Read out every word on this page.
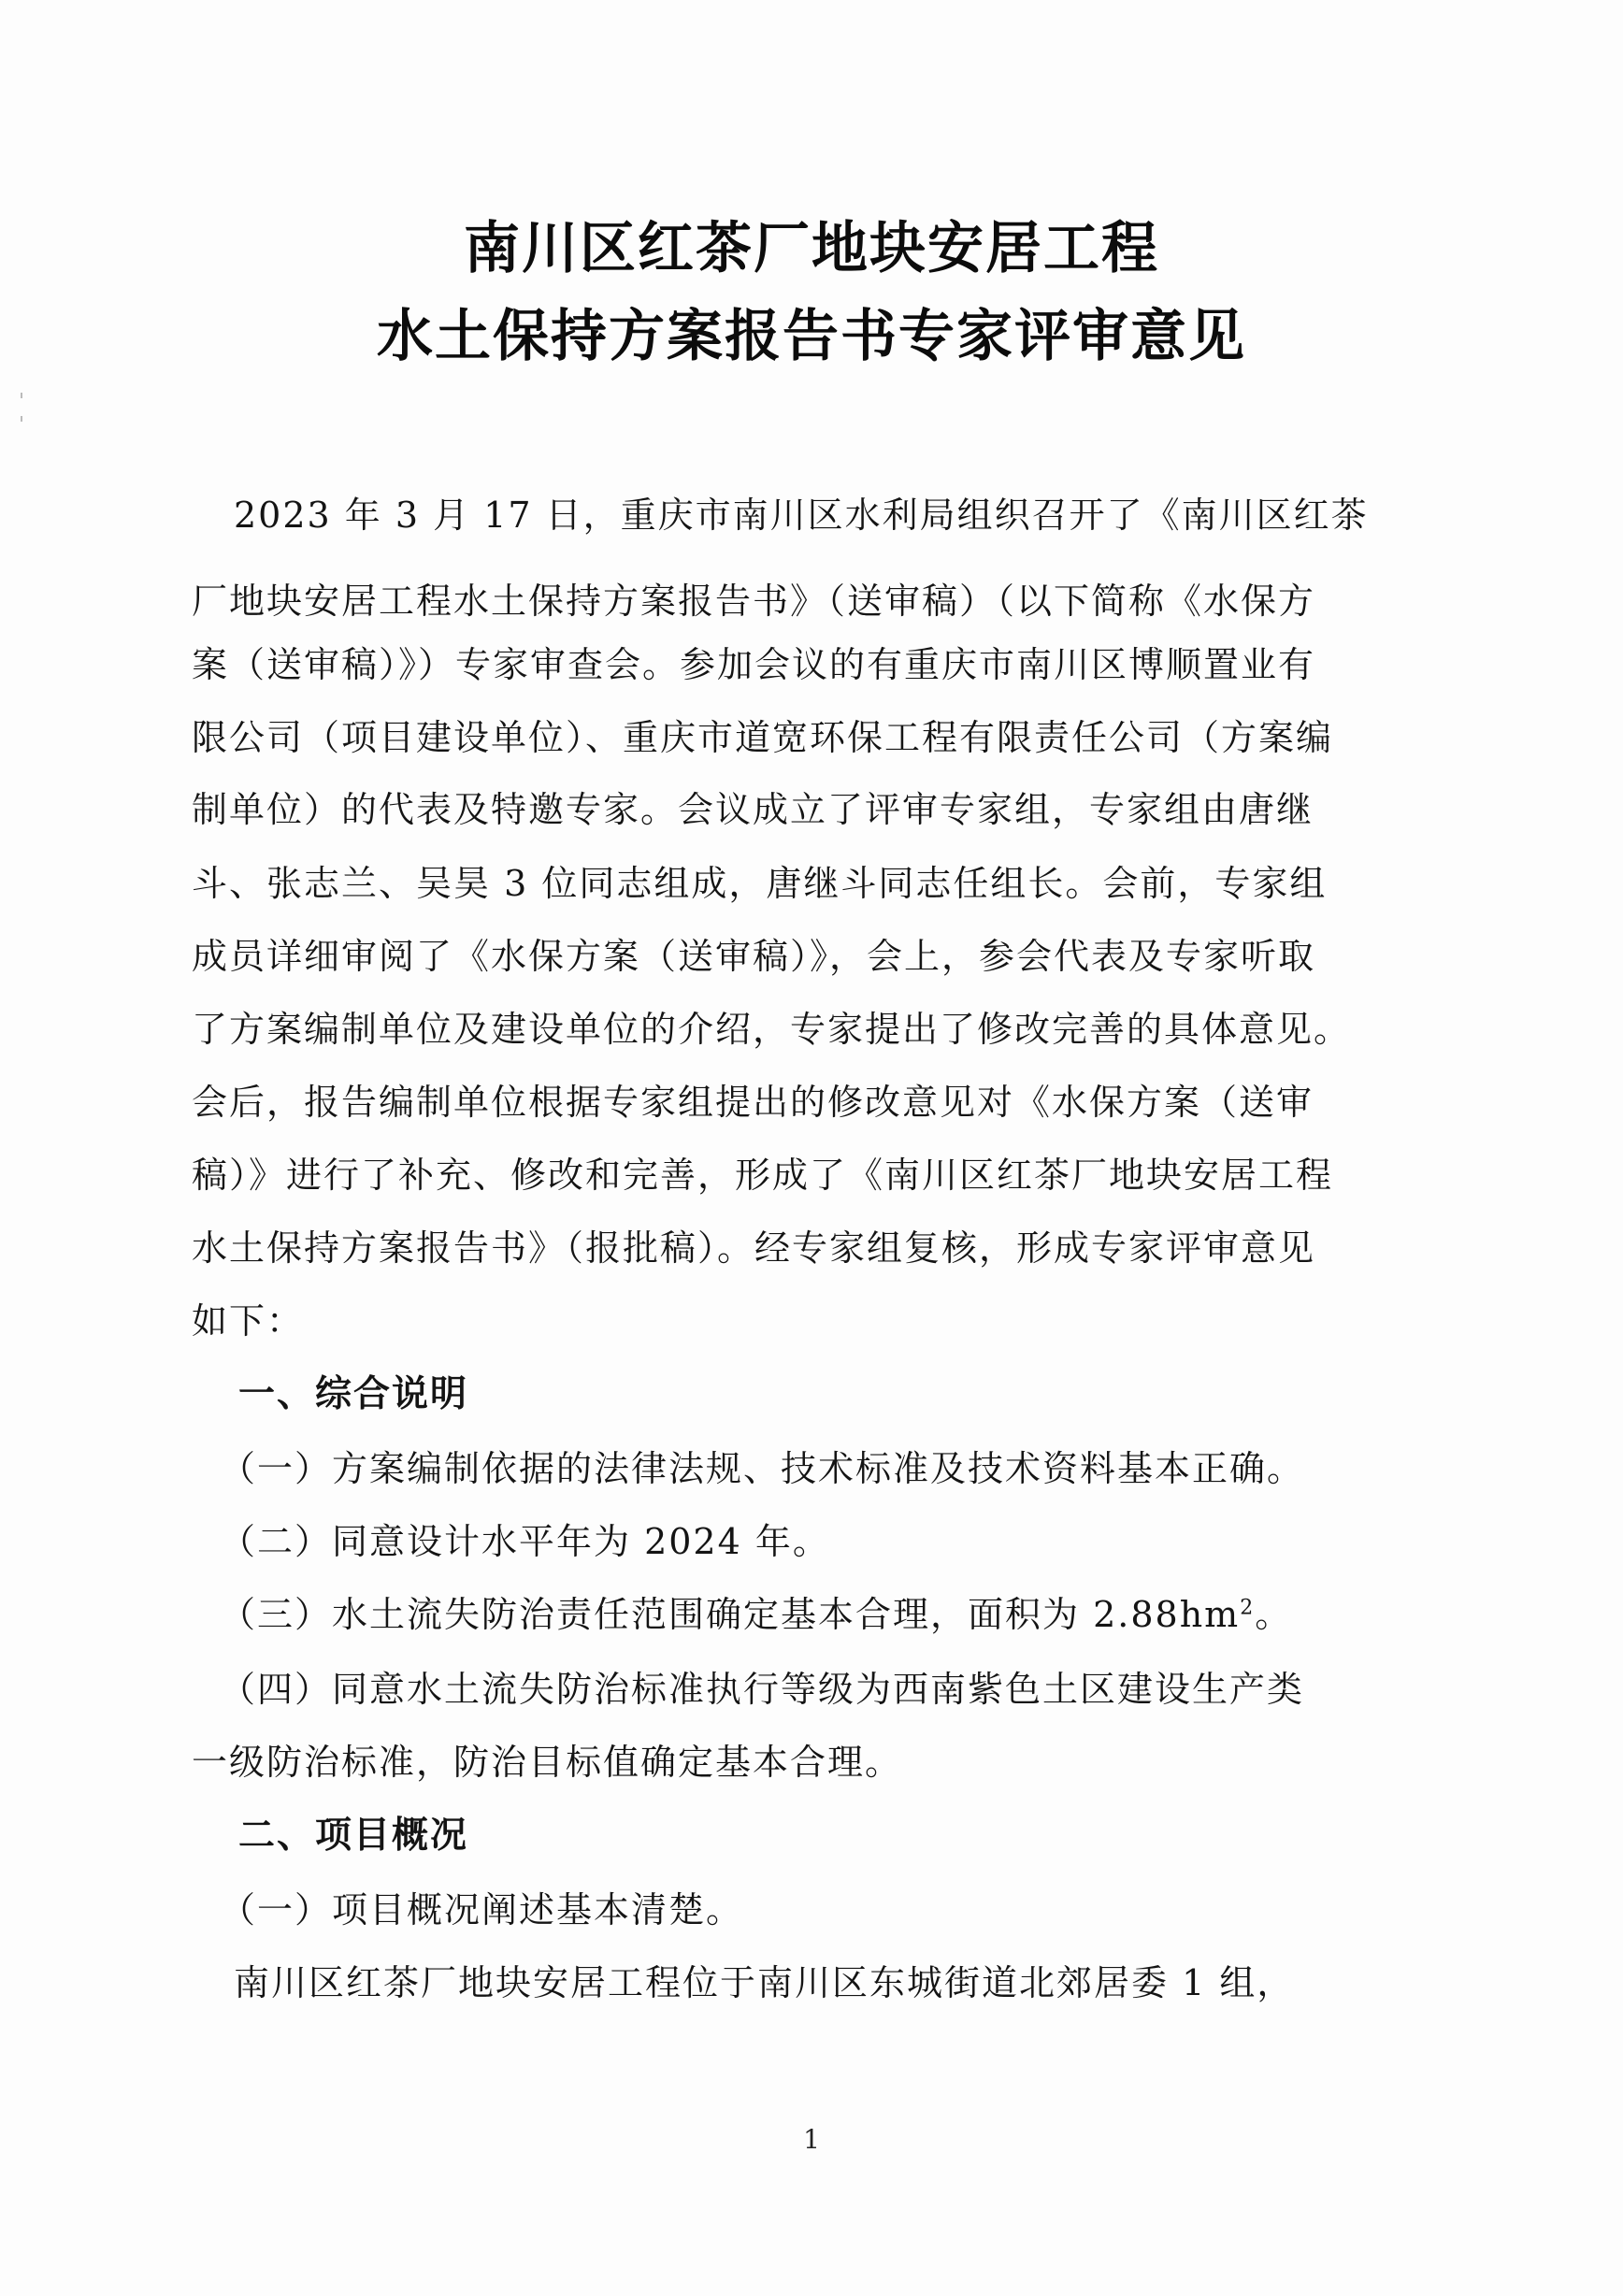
南川区红茶厂地块安居工程
水土保持方案报告书专家评审意见
2023 年 3 月 17 日，重庆市南川区水利局组织召开了《南川区红茶
厂地块安居工程水土保持方案报告书》（送审稿）（以下简称《水保方
案（送审稿）》）专家审查会。参加会议的有重庆市南川区博顺置业有
限公司（项目建设单位）、重庆市道宽环保工程有限责任公司（方案编
制单位）的代表及特邀专家。会议成立了评审专家组，专家组由唐继
斗、张志兰、吴昊 3 位同志组成，唐继斗同志任组长。会前，专家组
成员详细审阅了《水保方案（送审稿）》，会上，参会代表及专家听取
了方案编制单位及建设单位的介绍，专家提出了修改完善的具体意见。
会后，报告编制单位根据专家组提出的修改意见对《水保方案（送审
稿）》进行了补充、修改和完善，形成了《南川区红茶厂地块安居工程
水土保持方案报告书》（报批稿）。经专家组复核，形成专家评审意见
如下：
一、综合说明
（一）方案编制依据的法律法规、技术标准及技术资料基本正确。
（二）同意设计水平年为 2024 年。
（三）水土流失防治责任范围确定基本合理，面积为 $2.88hm^2$。
（四）同意水土流失防治标准执行等级为西南紫色土区建设生产类
一级防治标准，防治目标值确定基本合理。
二、项目概况
（一）项目概况阐述基本清楚。
南川区红茶厂地块安居工程位于南川区东城街道北郊居委 1 组，
1
